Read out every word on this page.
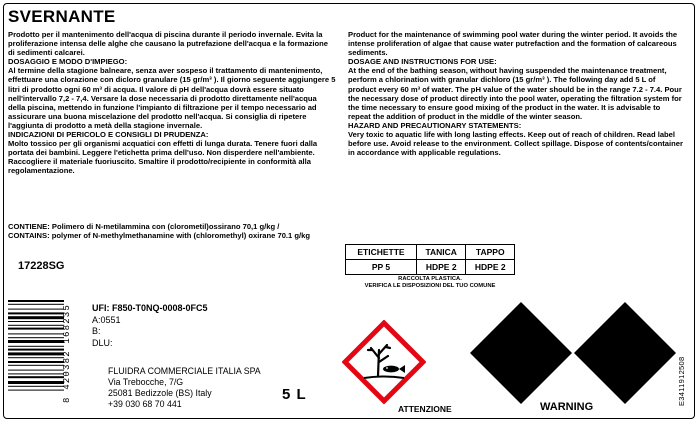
SVERNANTE

Prodotto per il mantenimento dell'acqua di piscina durante il periodo invernale. Evita la proliferazione intensa delle alghe che causano la putrefazione dell'acqua e la formazione di sedimenti calcarei.

DOSAGGIO E MODO D'IMPIEGO:

Al termine della stagione balneare, senza aver sospeso il trattamento di mantenimento, effettuare una clorazione con dicloro granulare (15 gr/m³ ). Il giorno seguente aggiungere 5 litri di prodotto ogni 60 m³ di acqua. Il valore di pH dell'acqua dovrà essere situato nell'intervallo 7,2 - 7,4. Versare la dose necessaria di prodotto direttamente nell'acqua della piscina, mettendo in funzione l'impianto di filtrazione per il tempo necessario ad assicurare una buona miscelazione del prodotto nell'acqua. Si consiglia di ripetere l'aggiunta di prodotto a metà della stagione invernale.

INDICAZIONI DI PERICOLO E CONSIGLI DI PRUDENZA:

Molto tossico per gli organismi acquatici con effetti di lunga durata. Tenere fuori dalla portata dei bambini. Leggere l'etichetta prima dell'uso. Non disperdere nell'ambiente. Raccogliere il materiale fuoriuscito. Smaltire il prodotto/recipiente in conformità alla regolamentazione.

Product for the maintenance of swimming pool water during the winter period. It avoids the intense proliferation of algae that cause water putrefaction and the formation of calcareous sediments.

DOSAGE AND INSTRUCTIONS FOR USE:

At the end of the bathing season, without having suspended the maintenance treatment, perform a chlorination with granular dichloro (15 gr/m³ ). The following day add 5 L of product every 60 m³ of water. The pH value of the water should be in the range 7.2 - 7.4. Pour the necessary dose of product directly into the pool water, operating the filtration system for the time necessary to ensure good mixing of the product in the water. It is advisable to repeat the addition of product in the middle of the winter season.

HAZARD AND PRECAUTIONARY STATEMENTS:

Very toxic to aquatic life with long lasting effects. Keep out of reach of children. Read label before use. Avoid release to the environment. Collect spillage. Dispose of contents/container in accordance with applicable regulations.

CONTIENE: Polimero di N-metilammina con (clorometil)ossirano 70,1 g/kg /

CONTAINS: polymer of N-methylmethanamine with (chloromethyl) oxirane 70.1 g/kg

17228SG
ETICHETTE	TANICA	TAPPO
PP 5	HDPE 2	HDPE 2

RACCOLTA PLASTICA.

VERIFICA LE DISPOSIZIONI DEL TUO COMUNE

8 420382 168235	UFI: F850-T0NQ-0008-0FC5

A:0551

B:

DLU:

FLUIDRA COMMERCIALE ITALIA SPA

Via Trebocche, 7/G

25081 Bedizzole (BS) Italy

+39 030 68 70 441

5 L
ATTENZIONE	WARNING
E3411912508
